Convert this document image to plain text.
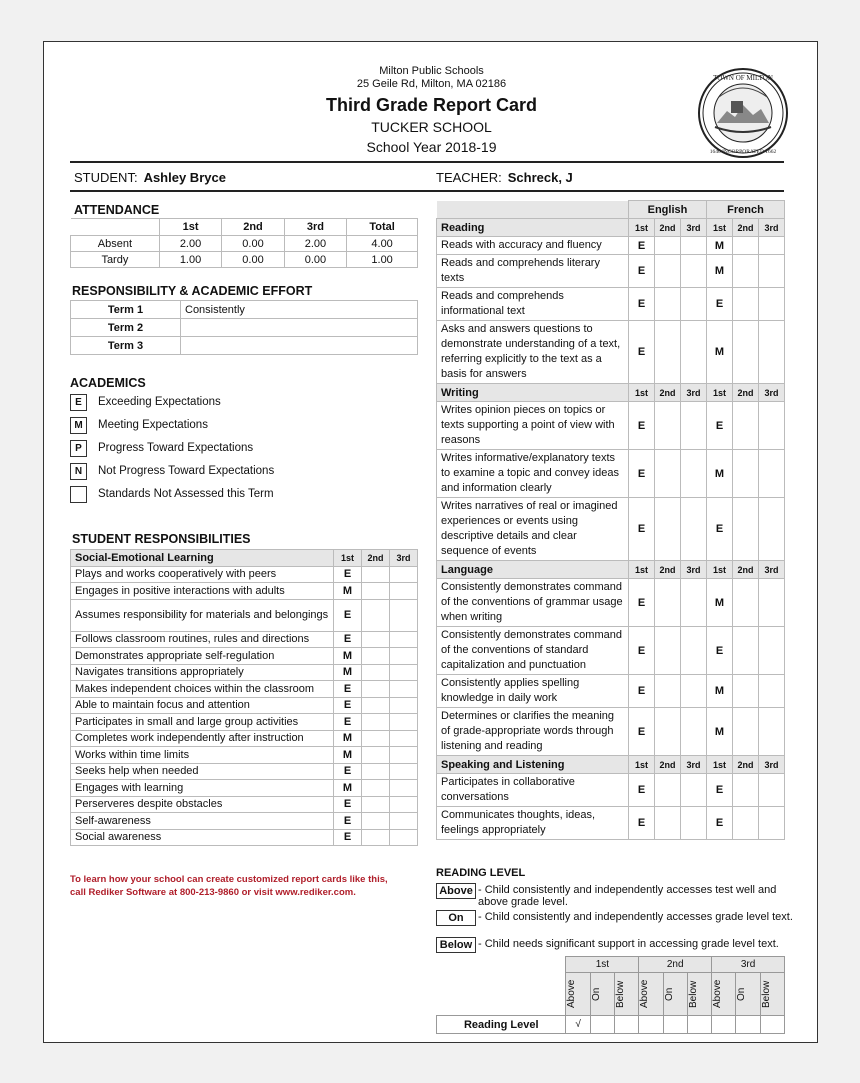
Milton Public Schools
25 Geile Rd, Milton, MA 02186
Third Grade Report Card
TUCKER SCHOOL
School Year 2018-19
TOWN OF MILTON
1640 INCORPORATED 1662
STUDENT: Ashley Bryce	TEACHER: Schreck, J
ATTENDANCE
	1st	2nd	3rd	Total
Absent	2.00	0.00	2.00	4.00
Tardy	1.00	0.00	0.00	1.00
RESPONSIBILITY & ACADEMIC EFFORT
Term 1	Consistently
Term 2	
Term 3	
ACADEMICS
E	Exceeding Expectations
M	Meeting Expectations
P	Progress Toward Expectations
N	Not Progress Toward Expectations
Standards Not Assessed this Term
STUDENT RESPONSIBILITIES
Social-Emotional Learning	1st	2nd	3rd
Plays and works cooperatively with peers	E		
Engages in positive interactions with adults	M		
Assumes responsibility for materials and belongings	E		
Follows classroom routines, rules and directions	E		
Demonstrates appropriate self-regulation	M		
Navigates transitions appropriately	M		
Makes independent choices within the classroom	E		
Able to maintain focus and attention	E		
Participates in small and large group activities	E		
Completes work independently after instruction	M		
Works within time limits	M		
Seeks help when needed	E		
Engages with learning	M		
Perserveres despite obstacles	E		
Self-awareness	E		
Social awareness	E		
To learn how your school can create customized report cards like this,
call Rediker Software at 800-213-9860 or visit www.rediker.com.
	English			French		
Reading	1st	2nd	3rd	1st	2nd	3rd
Reads with accuracy and fluency	E			M		
Reads and comprehends literary texts	E			M		
Reads and comprehends informational text	E			E		
Asks and answers questions to demonstrate understanding of a text, referring explicitly to the text as a basis for answers	E			M		
Writing	1st	2nd	3rd	1st	2nd	3rd
Writes opinion pieces on topics or texts supporting a point of view with reasons	E			E		
Writes informative/explanatory texts to examine a topic and convey ideas and information clearly	E			M		
Writes narratives of real or imagined experiences or events using descriptive details and clear sequence of events	E			E		
Language	1st	2nd	3rd	1st	2nd	3rd
Consistently demonstrates command of the conventions of grammar usage when writing	E			M		
Consistently demonstrates command of the conventions of standard capitalization and punctuation	E			E		
Consistently applies spelling knowledge in daily work	E			M		
Determines or clarifies the meaning of grade-appropriate words through listening and reading	E			M		
Speaking and Listening	1st	2nd	3rd	1st	2nd	3rd
Participates in collaborative conversations	E			E		
Communicates thoughts, ideas, feelings appropriately	E			E		
READING LEVEL
Above - Child consistently and independently accesses test well and above grade level.
On	- Child consistently and independently accesses grade level text.
Below - Child needs significant support in accessing grade level text.
	1st			2nd			3rd		

	Above	On	Below	Above	On	Below	Above	On	Below

Reading Level	√								
